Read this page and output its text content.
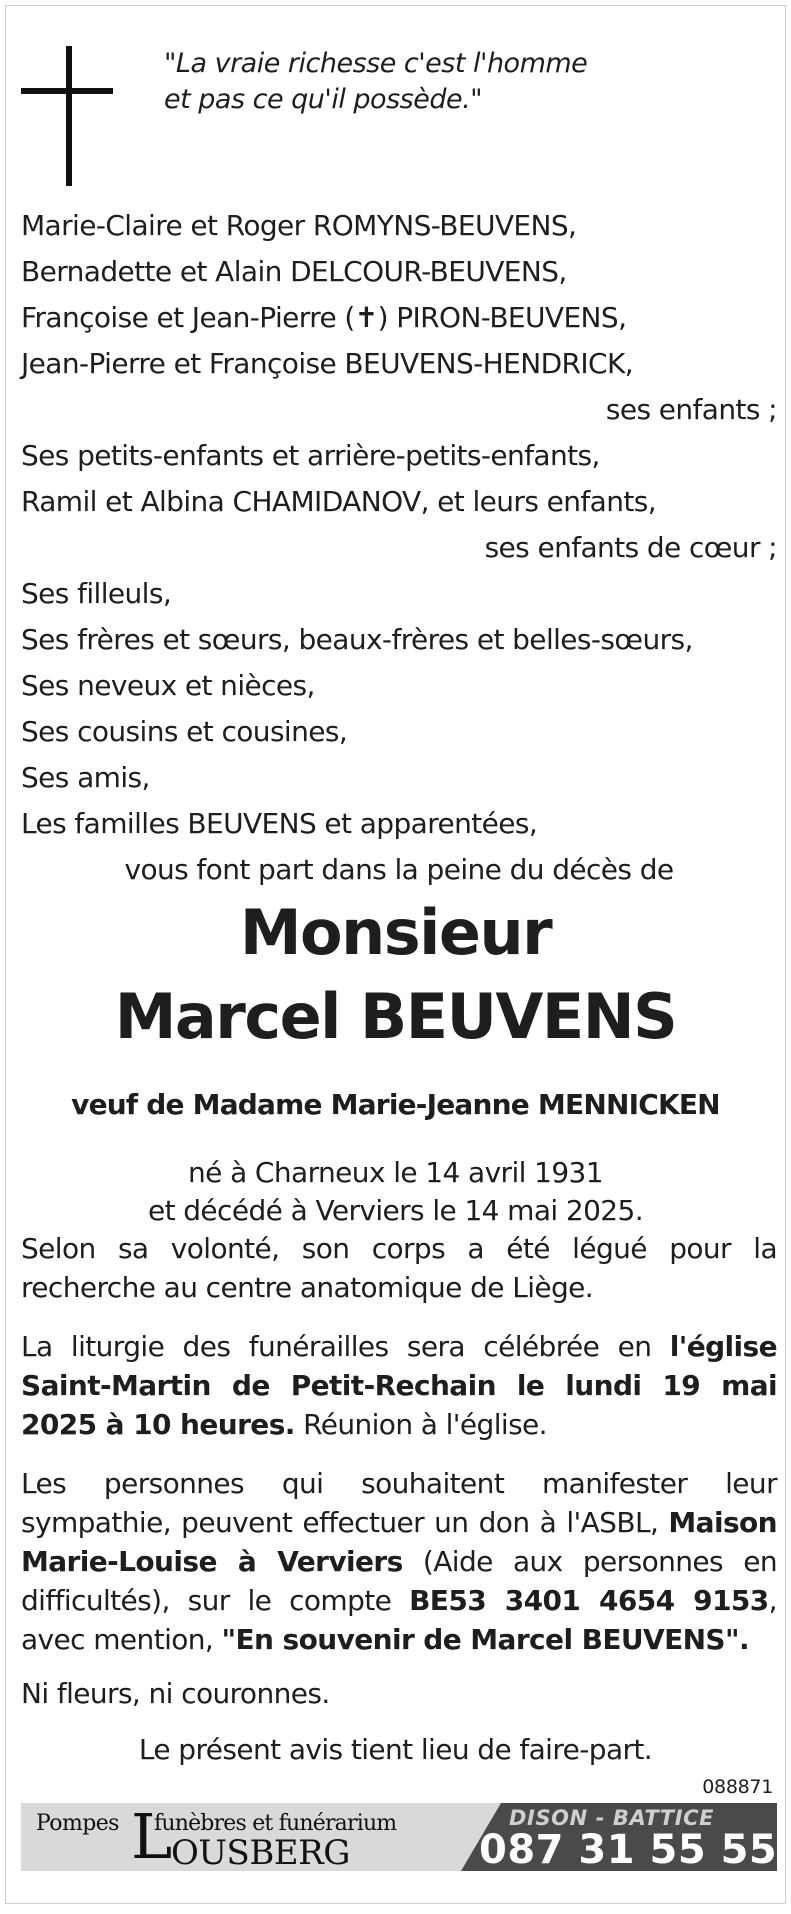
"La vraie richesse c'est l'homme
et pas ce qu'il possède."
Marie-Claire et Roger ROMYNS-BEUVENS,
Bernadette et Alain DELCOUR-BEUVENS,
Françoise et Jean-Pierre (✝) PIRON-BEUVENS,
Jean-Pierre et Françoise BEUVENS-HENDRICK,
ses enfants ;
Ses petits-enfants et arrière-petits-enfants,
Ramil et Albina CHAMIDANOV, et leurs enfants,
ses enfants de cœur ;
Ses filleuls,
Ses frères et sœurs, beaux-frères et belles-sœurs,
Ses neveux et nièces,
Ses cousins et cousines,
Ses amis,
Les familles BEUVENS et apparentées,
vous font part dans la peine du décès de
Monsieur
Marcel BEUVENS
veuf de Madame Marie-Jeanne MENNICKEN
né à Charneux le 14 avril 1931
et décédé à Verviers le 14 mai 2025.
Selon sa volonté, son corps a été légué pour la recherche au centre anatomique de Liège.
La liturgie des funérailles sera célébrée en l'église Saint-Martin de Petit-Rechain le lundi 19 mai 2025 à 10 heures. Réunion à l'église.
Les personnes qui souhaitent manifester leur sympathie, peuvent effectuer un don à l'ASBL, Maison Marie-Louise à Verviers (Aide aux personnes en difficultés), sur le compte BE53 3401 4654 9153, avec mention, "En souvenir de Marcel BEUVENS".
Ni fleurs, ni couronnes.
Le présent avis tient lieu de faire-part.
088871
Pompes L
funèbres et funérarium
OUSBERG
DISON - BATTICE
087 31 55 55
